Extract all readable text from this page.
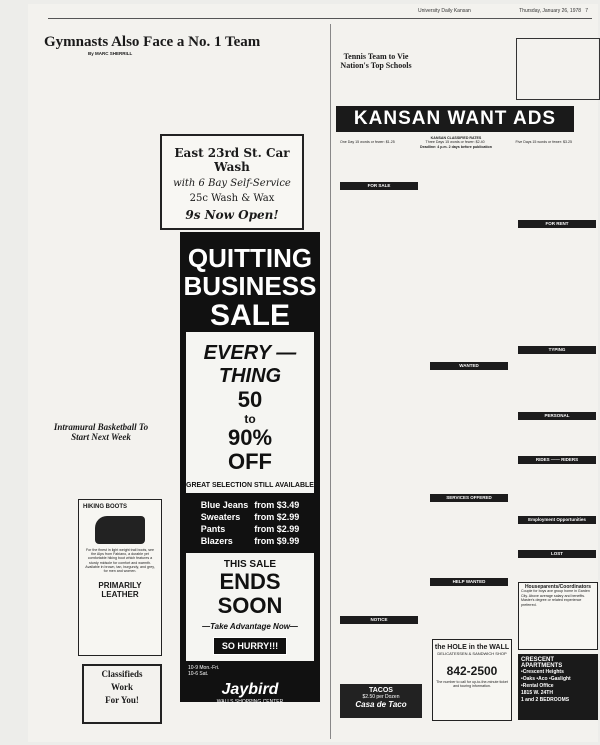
University Daily Kansan	Thursday, January 26, 1978 7
Gymnasts Also Face a No. 1 Team
By MARC SHERRILL
Intramural Basketball To Start Next Week
East 23rd St. Car Wash
with 6 Bay Self-Service
25c Wash & Wax
9s Now Open!
QUITTING
BUSINESS
SALE
EVERY — THING
50
to
90%
OFF
GREAT SELECTION STILL AVAILABLE
Blue Jeans	from $3.49
Sweaters	from $2.99
Pants	from $2.99
Blazers	from $9.99
THIS SALE
ENDS
SOON
—Take Advantage Now—
SO HURRY!!!
10-9 Mon.-Fri.
10-6 Sat.
Jaybird
WALLS SHOPPING CENTER
HIKING BOOTS
For the finest in light weight trail boots, see the Alps from Fabiano, a durable yet comfortable hiking boot which features a sturdy midsole for comfort and warmth. Available in brown, tan, burgundy, and grey, for men and women.
PRIMARILY
LEATHER
Classifieds
Work
For You!
Tennis Team to Vie Nation's Top Schools
KANSAN WANT ADS
KANSAN CLASSIFIED RATES
One Day 15 words or fewer: $1.25	Three Days 15 words or fewer: $2.40	Five Days 15 words or fewer: $3.25
Deadline: 4 p.m. 2 days before publication
FOR SALE
NOTICE
WANTED
SERVICES OFFERED
HELP WANTED
FOR RENT
TYPING
PERSONAL
RIDES —— RIDERS
Employment Opportunities
LOST
TACOS
$2.50 per Dozen
Casa de Taco
the HOLE in the WALL
DELICATESSEN & SANDWICH SHOP
842-2500
The number to call for up-to-the-minute ticket and touring information.
Houseparents/Coordinators
Couple for boys ave group home in Garden City. Above average salary and benefits. Master's degree or related experience preferred.
CRESCENT APARTMENTS
•Crescent Heights
•Oaks •Aco •Gaslight
•Rental Office
1815 W. 24TH
1 and 2 BEDROOMS
